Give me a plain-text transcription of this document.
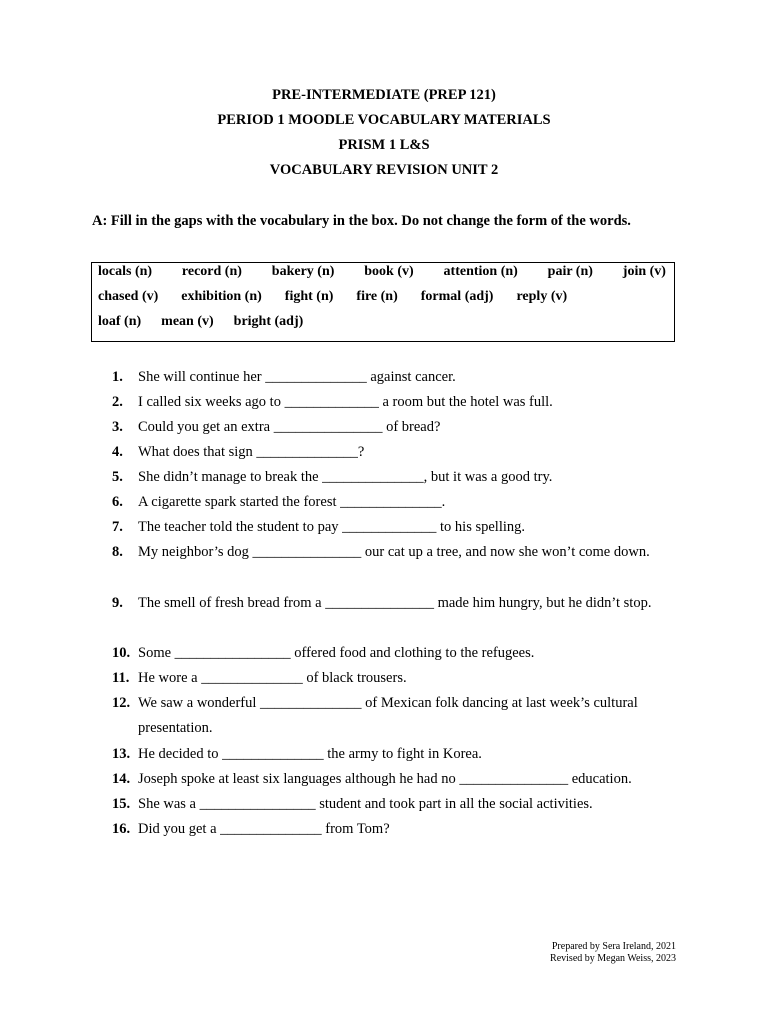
PRE-INTERMEDIATE (PREP 121)
PERIOD 1 MOODLE VOCABULARY MATERIALS
PRISM 1 L&S
VOCABULARY REVISION UNIT 2
A: Fill in the gaps with the vocabulary in the box. Do not change the form of the words.
locals (n) record (n) bakery (n) book (v) attention (n) pair (n) join (v)
chased (v) exhibition (n) fight (n) fire (n) formal (adj) reply (v)
loaf (n) mean (v) bright (adj)
1. She will continue her ______________ against cancer.
2. I called six weeks ago to _____________ a room but the hotel was full.
3. Could you get an extra _______________ of bread?
4. What does that sign ______________?
5. She didn’t manage to break the ______________, but it was a good try.
6. A cigarette spark started the forest ______________.
7. The teacher told the student to pay _____________ to his spelling.
8. My neighbor’s dog _______________ our cat up a tree, and now she won’t come down.
9. The smell of fresh bread from a _______________ made him hungry, but he didn’t stop.
10. Some ________________ offered food and clothing to the refugees.
11. He wore a ______________ of black trousers.
12. We saw a wonderful ______________ of Mexican folk dancing at last week’s cultural presentation.
13. He decided to ______________ the army to fight in Korea.
14. Joseph spoke at least six languages although he had no _______________ education.
15. She was a ________________ student and took part in all the social activities.
16. Did you get a ______________ from Tom?
Prepared by Sera Ireland, 2021
Revised by Megan Weiss, 2023
